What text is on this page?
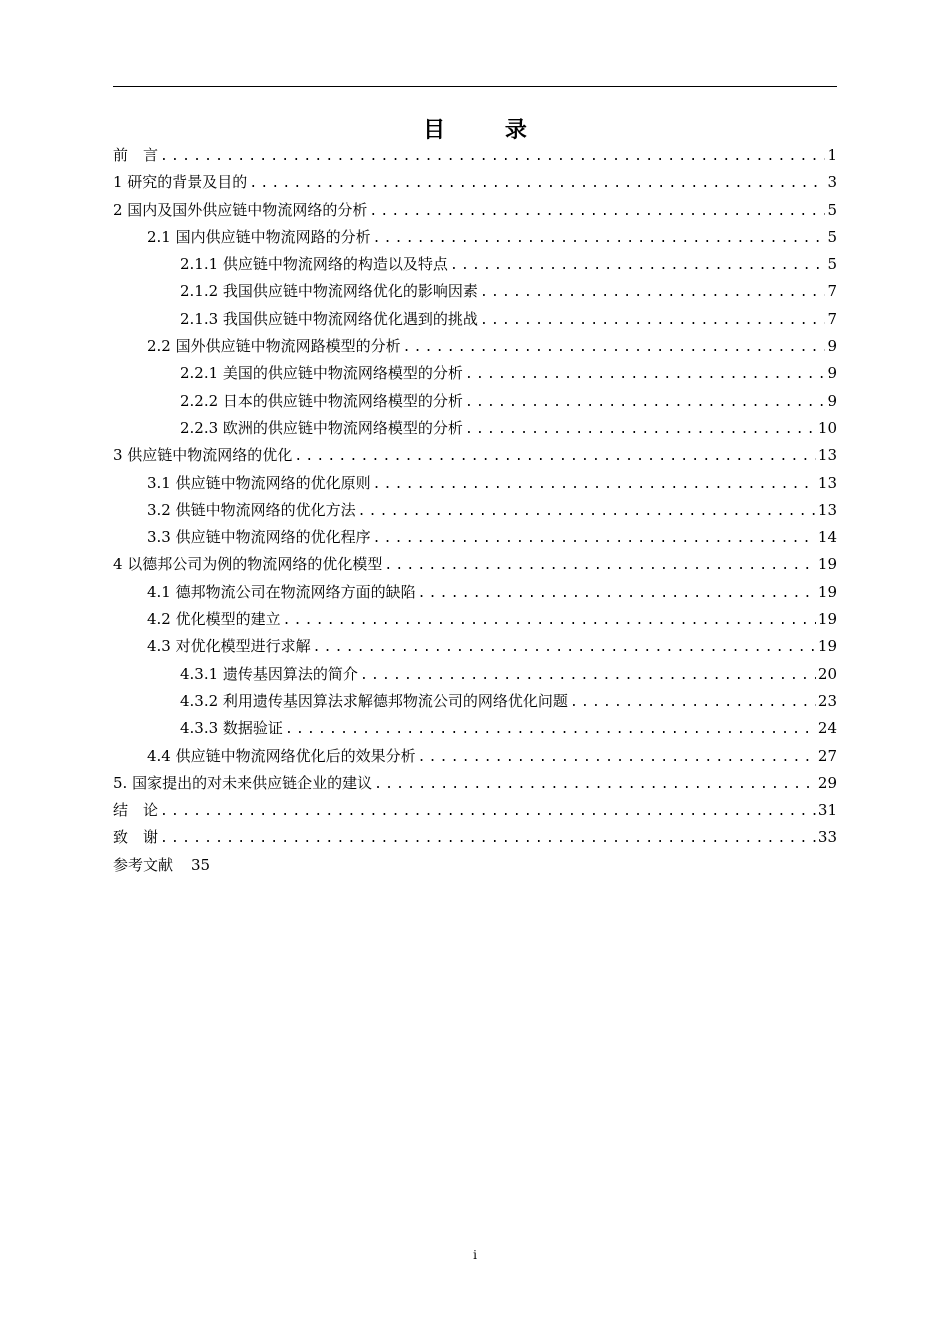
目 录
前　言 .....	1
1 研究的背景及目的 .....	3
2 国内及国外供应链中物流网络的分析 .....	5
2.1 国内供应链中物流网路的分析 .....	5
2.1.1 供应链中物流网络的构造以及特点 .....	5
2.1.2 我国供应链中物流网络优化的影响因素 .....	7
2.1.3 我国供应链中物流网络优化遇到的挑战 .....	7
2.2 国外供应链中物流网路模型的分析 .....	9
2.2.1 美国的供应链中物流网络模型的分析 .....	9
2.2.2 日本的供应链中物流网络模型的分析 .....	9
2.2.3 欧洲的供应链中物流网络模型的分析 .....	10
3 供应链中物流网络的优化 .....	13
3.1 供应链中物流网络的优化原则 .....	13
3.2 供链中物流网络的优化方法 .....	13
3.3 供应链中物流网络的优化程序 .....	14
4 以德邦公司为例的物流网络的优化模型 .....	19
4.1 德邦物流公司在物流网络方面的缺陷 .....	19
4.2 优化模型的建立 .....	19
4.3 对优化模型进行求解 .....	19
4.3.1 遗传基因算法的简介 .....	20
4.3.2 利用遗传基因算法求解德邦物流公司的网络优化问题 .....	23
4.3.3 数据验证 .....	24
4.4 供应链中物流网络优化后的效果分析 .....	27
5. 国家提出的对未来供应链企业的建议 .....	29
结　论 .....	31
致　谢 .....	33
参考文献 35
i
